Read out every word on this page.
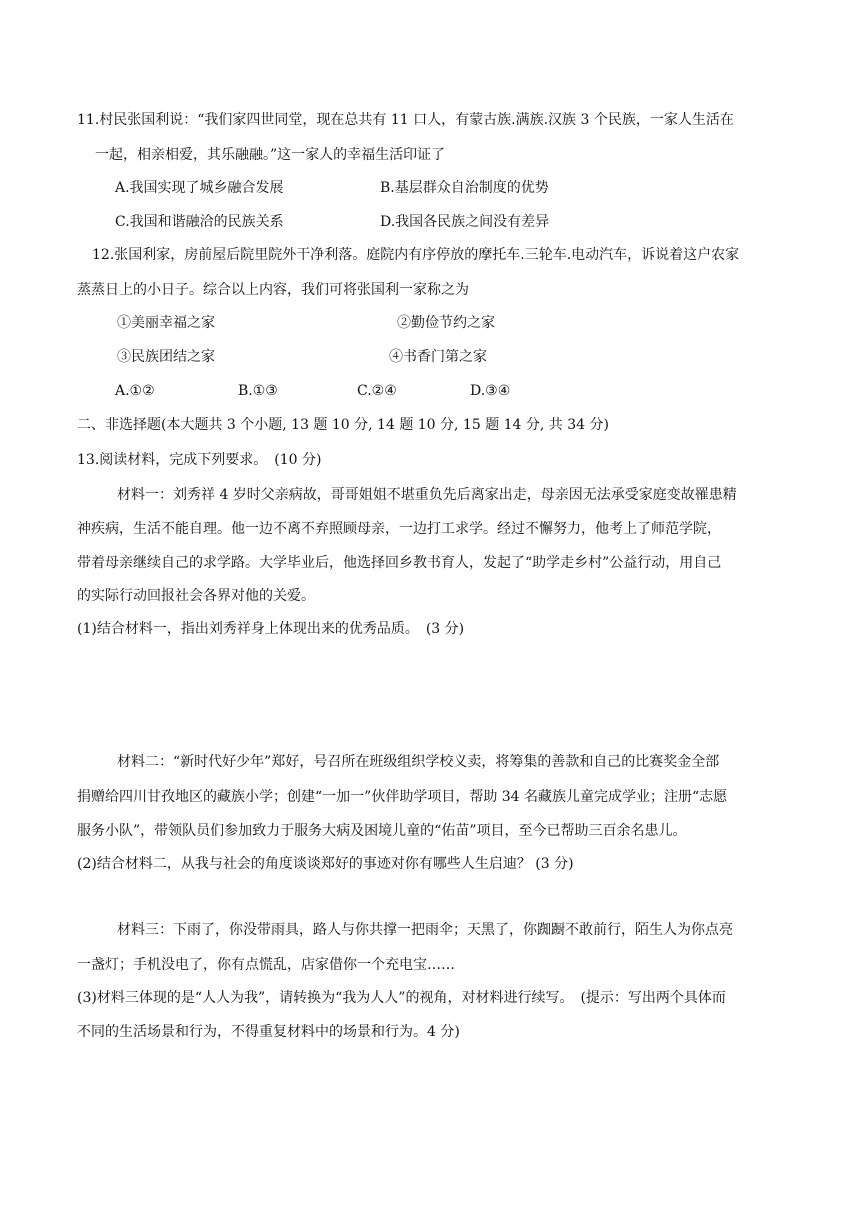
11.村民张国利说：“我们家四世同堂，现在总共有 11 口人，有蒙古族.满族.汉族 3 个民族，一家人生活在
一起，相亲相爱，其乐融融。”这一家人的幸福生活印证了
A.我国实现了城乡融合发展	B.基层群众自治制度的优势
C.我国和谐融洽的民族关系	D.我国各民族之间没有差异
12.张国利家，房前屋后院里院外干净利落。庭院内有序停放的摩托车.三轮车.电动汽车，诉说着这户农家
蒸蒸日上的小日子。综合以上内容，我们可将张国利一家称之为
①美丽幸福之家	②勤俭节约之家
③民族团结之家	④书香门第之家
A.①②	B.①③	C.②④	D.③④
二、非选择题(本大题共 3 个小题, 13 题 10 分, 14 题 10 分, 15 题 14 分, 共 34 分)
13.阅读材料，完成下列要求。　(10 分)
材料一：刘秀祥 4 岁时父亲病故，哥哥姐姐不堪重负先后离家出走，母亲因无法承受家庭变故罹患精
神疾病，生活不能自理。他一边不离不弃照顾母亲，一边打工求学。经过不懈努力，他考上了师范学院，
带着母亲继续自己的求学路。大学毕业后，他选择回乡教书育人，发起了“助学走乡村”公益行动，用自己
的实际行动回报社会各界对他的关爱。
(1)结合材料一，指出刘秀祥身上体现出来的优秀品质。　(3 分)
材料二：“新时代好少年”郑好，号召所在班级组织学校义卖，将筹集的善款和自己的比赛奖金全部
捐赠给四川甘孜地区的藏族小学；创建“一加一”伙伴助学项目，帮助 34 名藏族儿童完成学业；注册“志愿
服务小队”，带领队员们参加致力于服务大病及困境儿童的“佑苗”项目，至今已帮助三百余名患儿。
(2)结合材料二，从我与社会的角度谈谈郑好的事迹对你有哪些人生启迪？ (3 分)
材料三：下雨了，你没带雨具，路人与你共撑一把雨伞；天黑了，你踟蹰不敢前行，陌生人为你点亮
一盏灯；手机没电了，你有点慌乱，店家借你一个充电宝……
(3)材料三体现的是“人人为我”，请转换为“我为人人”的视角，对材料进行续写。　(提示：写出两个具体而
不同的生活场景和行为，不得重复材料中的场景和行为。4 分)
